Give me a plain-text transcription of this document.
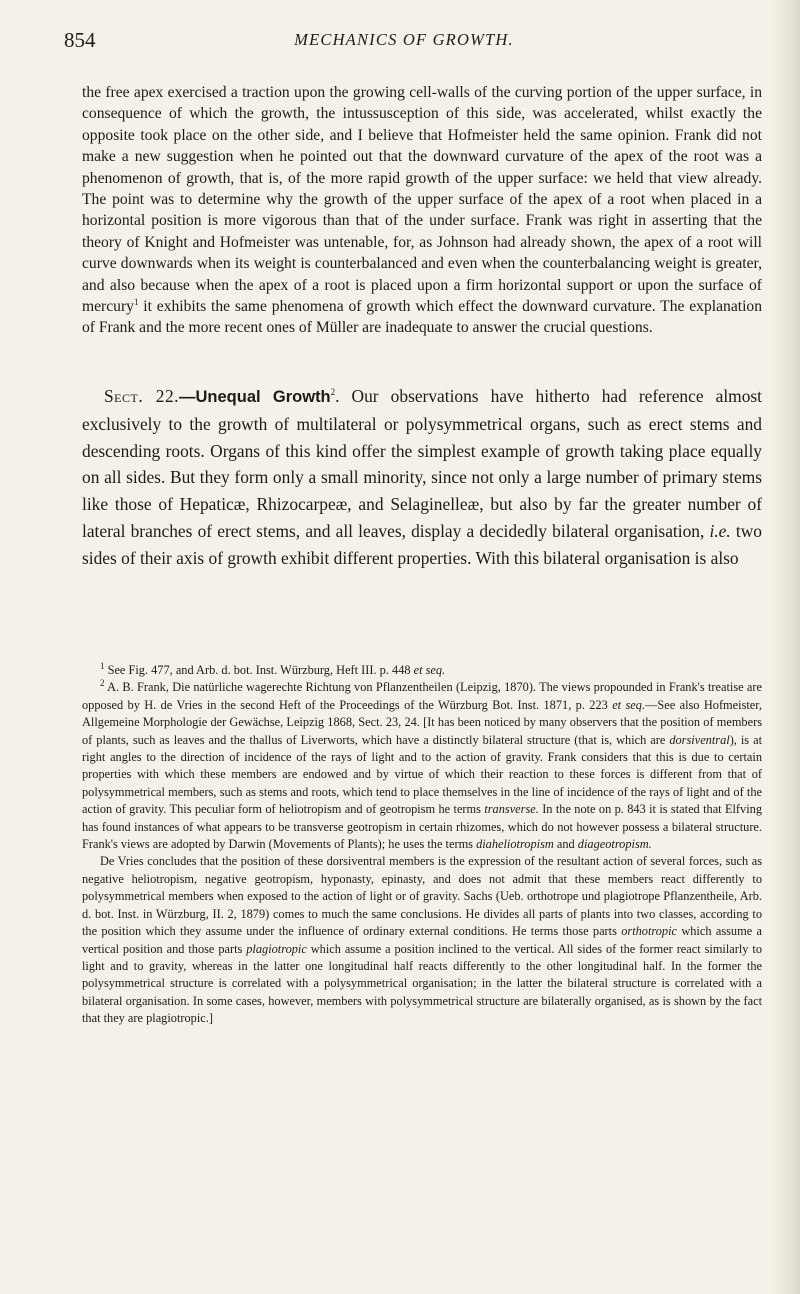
854	MECHANICS OF GROWTH.

the free apex exercised a traction upon the growing cell-walls of the curving portion of the upper surface, in consequence of which the growth, the intussusception of this side, was accelerated, whilst exactly the opposite took place on the other side, and I believe that Hofmeister held the same opinion. Frank did not make a new suggestion when he pointed out that the downward curvature of the apex of the root was a phenomenon of growth, that is, of the more rapid growth of the upper surface: we held that view already. The point was to determine why the growth of the upper surface of the apex of a root when placed in a horizontal position is more vigorous than that of the under surface. Frank was right in asserting that the theory of Knight and Hofmeister was untenable, for, as Johnson had already shown, the apex of a root will curve downwards when its weight is counterbalanced and even when the counterbalancing weight is greater, and also because when the apex of a root is placed upon a firm horizontal support or upon the surface of mercury$^1$ it exhibits the same phenomena of growth which effect the downward curvature. The explanation of Frank and the more recent ones of Müller are inadequate to answer the crucial questions.

Sect. 22.—Unequal Growth$^2$. Our observations have hitherto had reference almost exclusively to the growth of multilateral or polysymmetrical organs, such as erect stems and descending roots. Organs of this kind offer the simplest example of growth taking place equally on all sides. But they form only a small minority, since not only a large number of primary stems like those of Hepaticæ, Rhizocarpeæ, and Selaginelleæ, but also by far the greater number of lateral branches of erect stems, and all leaves, display a decidedly bilateral organisation, i.e. two sides of their axis of growth exhibit different properties. With this bilateral organisation is also

$^1$ See Fig. 477, and Arb. d. bot. Inst. Würzburg, Heft III. p. 448 et seq.

$^2$ A. B. Frank, Die natürliche wagerechte Richtung von Pflanzentheilen (Leipzig, 1870). The views propounded in Frank's treatise are opposed by H. de Vries in the second Heft of the Proceedings of the Würzburg Bot. Inst. 1871, p. 223 et seq.—See also Hofmeister, Allgemeine Morphologie der Gewächse, Leipzig 1868, Sect. 23, 24. [It has been noticed by many observers that the position of members of plants, such as leaves and the thallus of Liverworts, which have a distinctly bilateral structure (that is, which are dorsiventral), is at right angles to the direction of incidence of the rays of light and to the action of gravity. Frank considers that this is due to certain properties with which these members are endowed and by virtue of which their reaction to these forces is different from that of polysymmetrical members, such as stems and roots, which tend to place themselves in the line of incidence of the rays of light and of the action of gravity. This peculiar form of heliotropism and of geotropism he terms transverse. In the note on p. 843 it is stated that Elfving has found instances of what appears to be transverse geotropism in certain rhizomes, which do not however possess a bilateral structure. Frank's views are adopted by Darwin (Movements of Plants); he uses the terms diaheliotropism and diageotropism.

De Vries concludes that the position of these dorsiventral members is the expression of the resultant action of several forces, such as negative heliotropism, negative geotropism, hyponasty, epinasty, and does not admit that these members react differently to polysymmetrical members when exposed to the action of light or of gravity. Sachs (Ueb. orthotrope und plagiotrope Pflanzentheile, Arb. d. bot. Inst. in Würzburg, II. 2, 1879) comes to much the same conclusions. He divides all parts of plants into two classes, according to the position which they assume under the influence of ordinary external conditions. He terms those parts orthotropic which assume a vertical position and those parts plagiotropic which assume a position inclined to the vertical. All sides of the former react similarly to light and to gravity, whereas in the latter one longitudinal half reacts differently to the other longitudinal half. In the former the polysymmetrical structure is correlated with a polysymmetrical organisation; in the latter the bilateral structure is correlated with a bilateral organisation. In some cases, however, members with polysymmetrical structure are bilaterally organised, as is shown by the fact that they are plagiotropic.]
